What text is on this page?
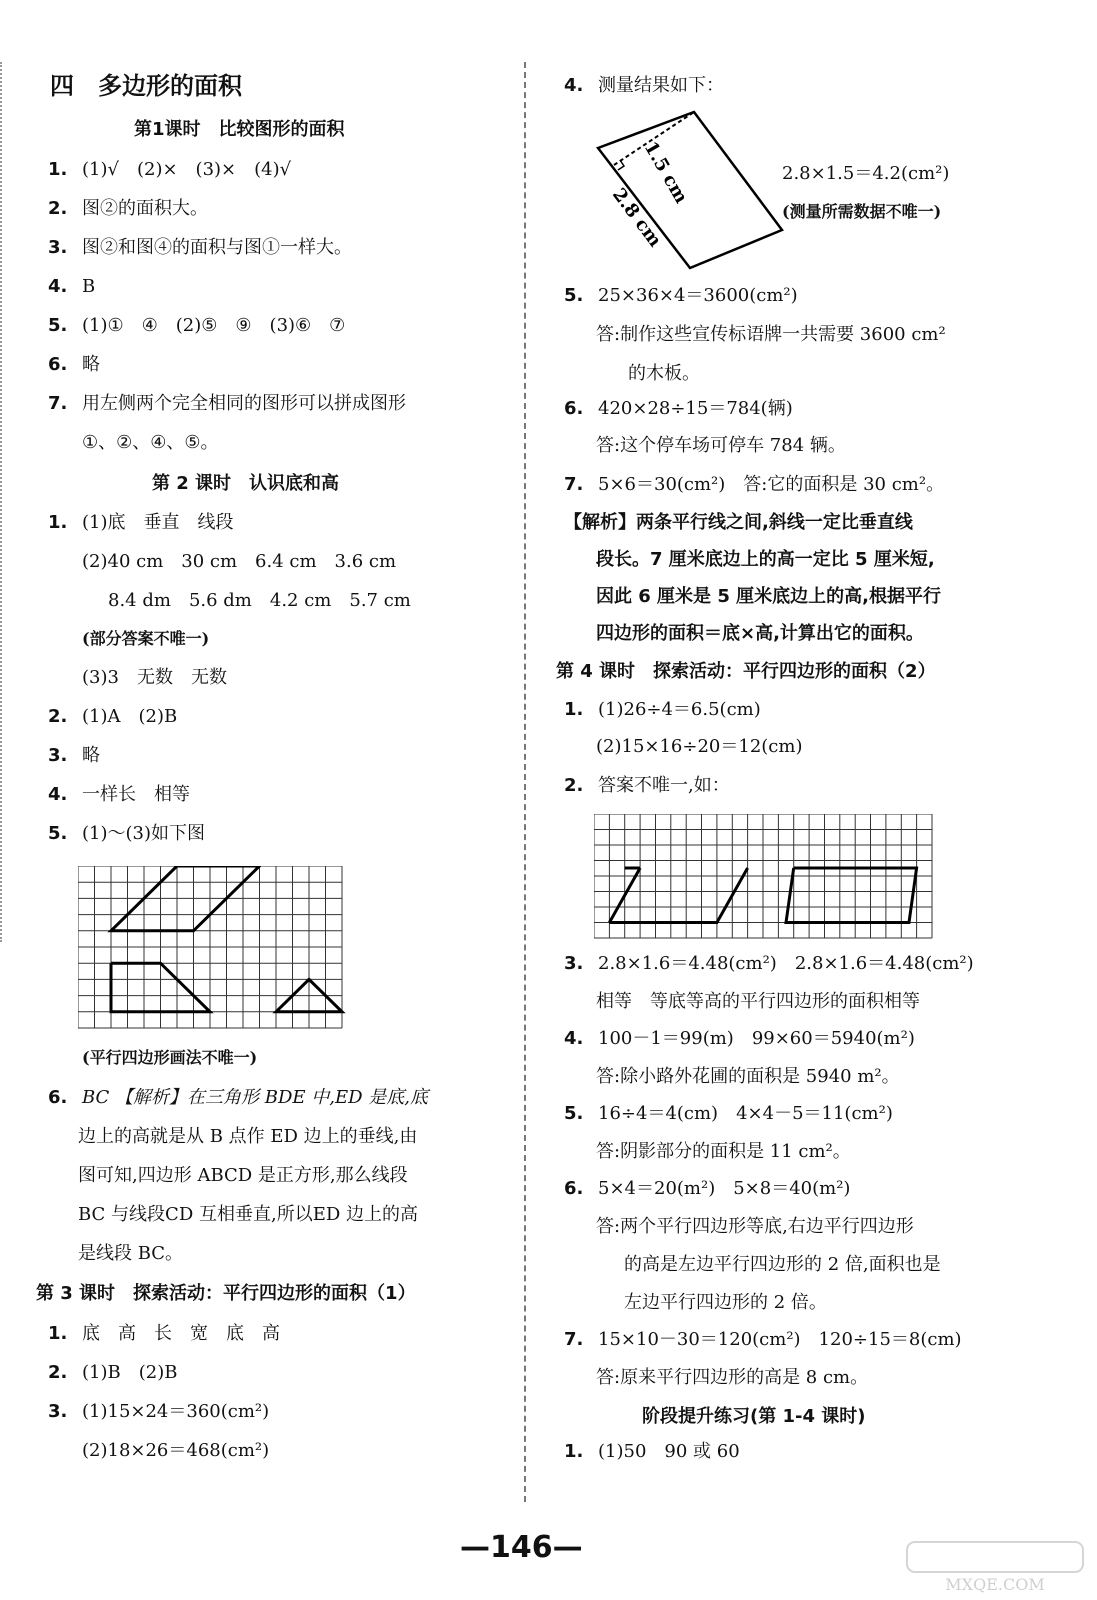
四　多边形的面积
第1课时　比较图形的面积
1. (1)√　(2)×　(3)×　(4)√
2. 图②的面积大。
3. 图②和图④的面积与图①一样大。
4. B
5. (1)①　④　(2)⑤　⑨　(3)⑥　⑦
6. 略
7. 用左侧两个完全相同的图形可以拼成图形
①、②、④、⑤。
第 2 课时　认识底和高
1. (1)底　垂直　线段
(2)40 cm　30 cm　6.4 cm　3.6 cm
8.4 dm　5.6 dm　4.2 cm　5.7 cm
(部分答案不唯一)
(3)3　无数　无数
2. (1)A　(2)B
3. 略
4. 一样长　相等
5. (1)～(3)如下图
(平行四边形画法不唯一)
6. BC 【解析】在三角形 BDE 中,ED 是底,底
边上的高就是从 B 点作 ED 边上的垂线,由
图可知,四边形 ABCD 是正方形,那么线段
BC 与线段CD 互相垂直,所以ED 边上的高
是线段 BC。
第 3 课时　探索活动：平行四边形的面积（1）
1. 底　高　长　宽　底　高
2. (1)B　(2)B
3. (1)15×24＝360(cm²)
(2)18×26＝468(cm²)
4. 测量结果如下：
1.5 cm
2.8 cm
2.8×1.5＝4.2(cm²)
(测量所需数据不唯一)
5. 25×36×4＝3600(cm²)
答:制作这些宣传标语牌一共需要 3600 cm²
的木板。
6. 420×28÷15＝784(辆)
答:这个停车场可停车 784 辆。
7. 5×6＝30(cm²)　答:它的面积是 30 cm²。
【解析】两条平行线之间,斜线一定比垂直线
段长。7 厘米底边上的高一定比 5 厘米短,
因此 6 厘米是 5 厘米底边上的高,根据平行
四边形的面积＝底×高,计算出它的面积。
第 4 课时　探索活动：平行四边形的面积（2）
1. (1)26÷4＝6.5(cm)
(2)15×16÷20＝12(cm)
2. 答案不唯一,如：
3. 2.8×1.6＝4.48(cm²)　2.8×1.6＝4.48(cm²)
相等　等底等高的平行四边形的面积相等
4. 100－1＝99(m)　99×60＝5940(m²)
答:除小路外花圃的面积是 5940 m²。
5. 16÷4＝4(cm)　4×4－5＝11(cm²)
答:阴影部分的面积是 11 cm²。
6. 5×4＝20(m²)　5×8＝40(m²)
答:两个平行四边形等底,右边平行四边形
的高是左边平行四边形的 2 倍,面积也是
左边平行四边形的 2 倍。
7. 15×10－30＝120(cm²)　120÷15＝8(cm)
答:原来平行四边形的高是 8 cm。
阶段提升练习(第 1-4 课时)
1. (1)50　90 或 60
—146—
MXQE.COM
